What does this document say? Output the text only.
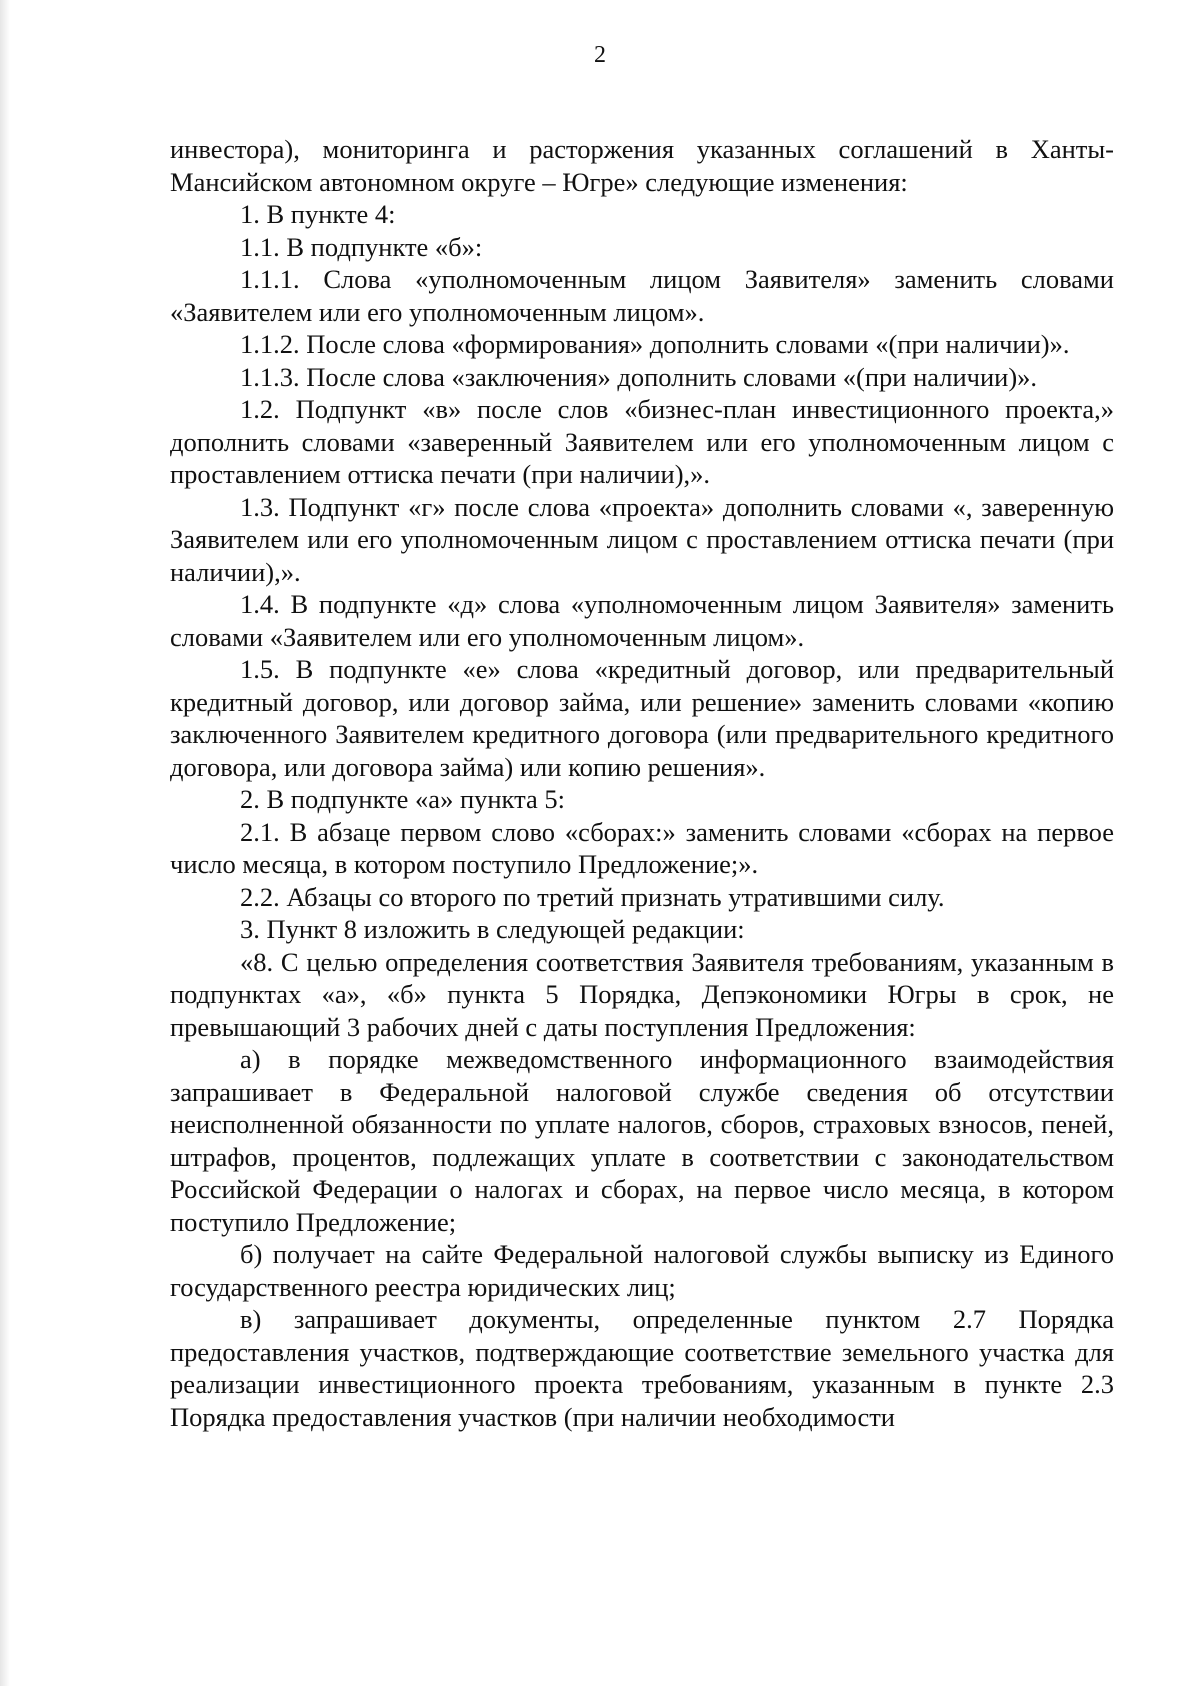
2

инвестора), мониторинга и расторжения указанных соглашений в Ханты-Мансийском автономном округе – Югре» следующие изменения:

1. В пункте 4:

1.1. В подпункте «б»:

1.1.1. Слова «уполномоченным лицом Заявителя» заменить словами «Заявителем или его уполномоченным лицом».

1.1.2. После слова «формирования» дополнить словами «(при наличии)».

1.1.3. После слова «заключения» дополнить словами «(при наличии)».

1.2. Подпункт «в» после слов «бизнес-план инвестиционного проекта,» дополнить словами «заверенный Заявителем или его уполномоченным лицом с проставлением оттиска печати (при наличии),».

1.3. Подпункт «г» после слова «проекта» дополнить словами «, заверенную Заявителем или его уполномоченным лицом с проставлением оттиска печати (при наличии),».

1.4. В подпункте «д» слова «уполномоченным лицом Заявителя» заменить словами «Заявителем или его уполномоченным лицом».

1.5. В подпункте «е» слова «кредитный договор, или предварительный кредитный договор, или договор займа, или решение» заменить словами «копию заключенного Заявителем кредитного договора (или предварительного кредитного договора, или договора займа) или копию решения».

2. В подпункте «а» пункта 5:

2.1. В абзаце первом слово «сборах:» заменить словами «сборах на первое число месяца, в котором поступило Предложение;».

2.2. Абзацы со второго по третий признать утратившими силу.

3. Пункт 8 изложить в следующей редакции:

«8. С целью определения соответствия Заявителя требованиям, указанным в подпунктах «а», «б» пункта 5 Порядка, Депэкономики Югры в срок, не превышающий 3 рабочих дней с даты поступления Предложения:

а) в порядке межведомственного информационного взаимодействия запрашивает в Федеральной налоговой службе сведения об отсутствии неисполненной обязанности по уплате налогов, сборов, страховых взносов, пеней, штрафов, процентов, подлежащих уплате в соответствии с законодательством Российской Федерации о налогах и сборах, на первое число месяца, в котором поступило Предложение;

б) получает на сайте Федеральной налоговой службы выписку из Единого государственного реестра юридических лиц;

в) запрашивает документы, определенные пунктом 2.7 Порядка предоставления участков, подтверждающие соответствие земельного участка для реализации инвестиционного проекта требованиям, указанным в пункте 2.3 Порядка предоставления участков (при наличии необходимости
